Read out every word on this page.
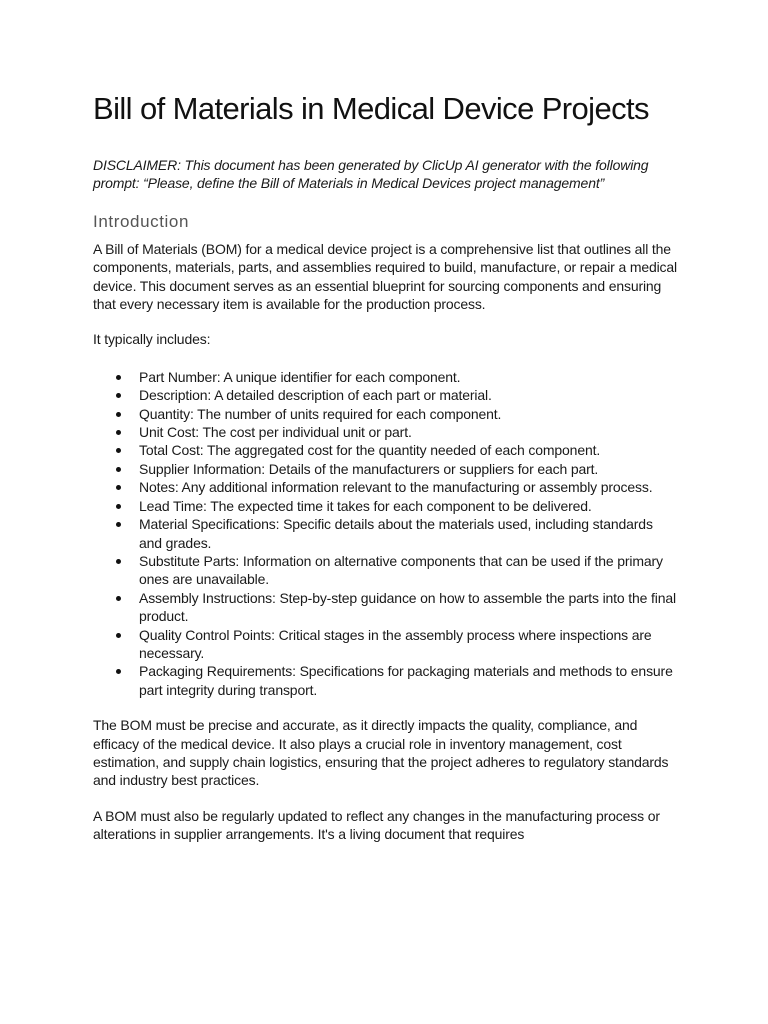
Bill of Materials in Medical Device Projects

DISCLAIMER: This document has been generated by ClicUp AI generator with the following prompt: “Please, define the Bill of Materials in Medical Devices project management”

Introduction

A Bill of Materials (BOM) for a medical device project is a comprehensive list that outlines all the components, materials, parts, and assemblies required to build, manufacture, or repair a medical device. This document serves as an essential blueprint for sourcing components and ensuring that every necessary item is available for the production process.

It typically includes:

Part Number: A unique identifier for each component.
Description: A detailed description of each part or material.
Quantity: The number of units required for each component.
Unit Cost: The cost per individual unit or part.
Total Cost: The aggregated cost for the quantity needed of each component.
Supplier Information: Details of the manufacturers or suppliers for each part.
Notes: Any additional information relevant to the manufacturing or assembly process.
Lead Time: The expected time it takes for each component to be delivered.
Material Specifications: Specific details about the materials used, including standards and grades.
Substitute Parts: Information on alternative components that can be used if the primary ones are unavailable.
Assembly Instructions: Step-by-step guidance on how to assemble the parts into the final product.
Quality Control Points: Critical stages in the assembly process where inspections are necessary.
Packaging Requirements: Specifications for packaging materials and methods to ensure part integrity during transport.

The BOM must be precise and accurate, as it directly impacts the quality, compliance, and efficacy of the medical device. It also plays a crucial role in inventory management, cost estimation, and supply chain logistics, ensuring that the project adheres to regulatory standards and industry best practices.

A BOM must also be regularly updated to reflect any changes in the manufacturing process or alterations in supplier arrangements. It's a living document that requires
